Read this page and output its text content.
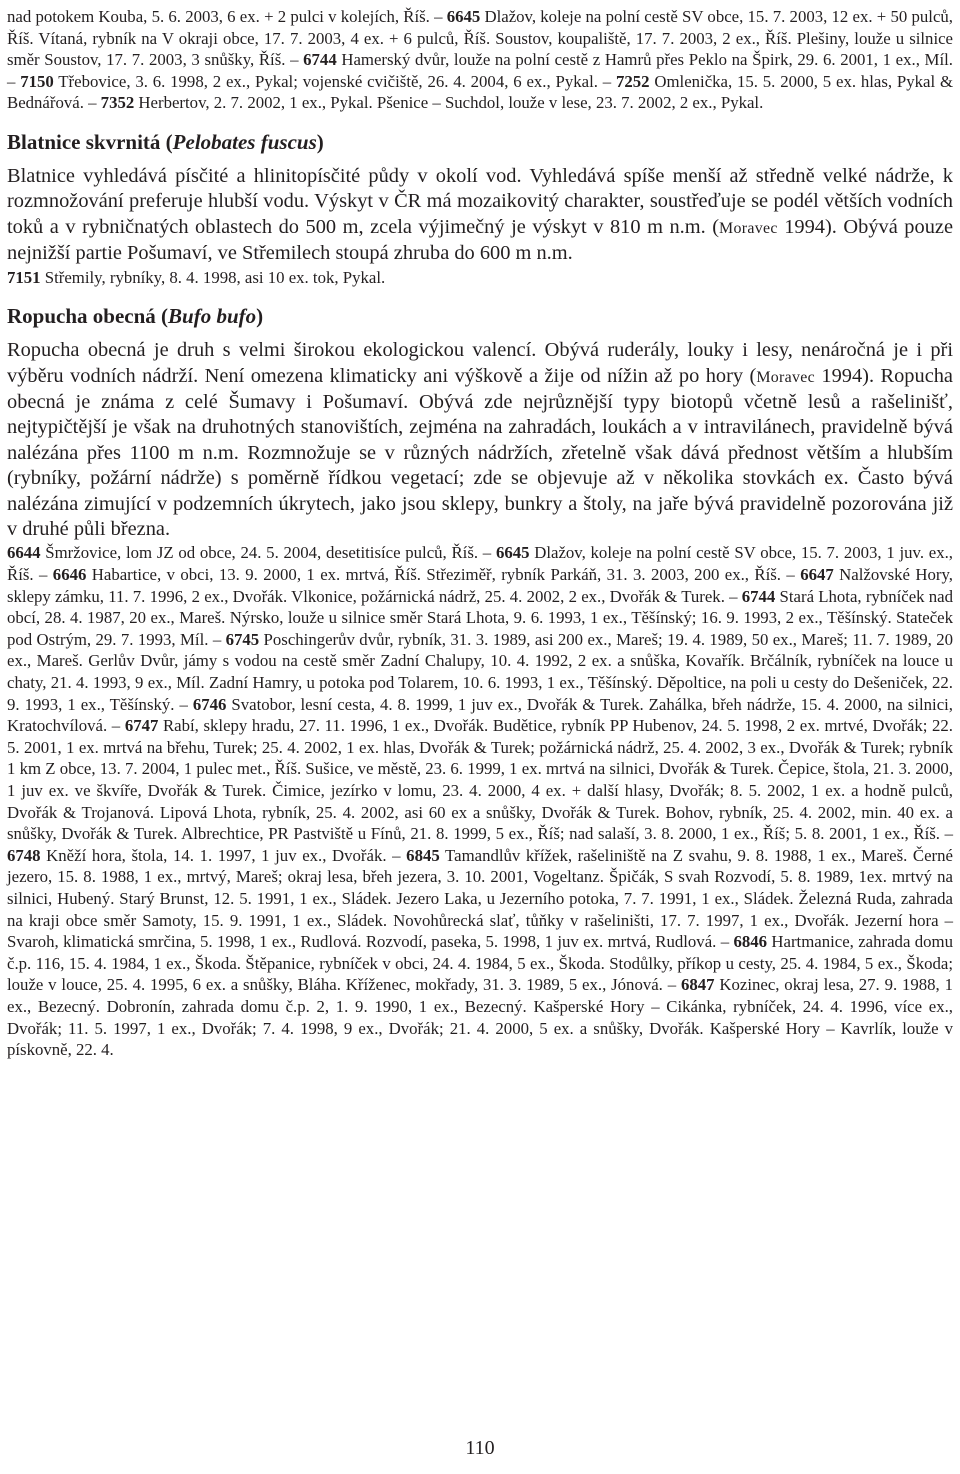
nad potokem Kouba, 5. 6. 2003, 6 ex. + 2 pulci v kolejích, Říš. – 6645 Dlažov, koleje na polní cestě SV obce, 15. 7. 2003, 12 ex. + 50 pulců, Říš. Vítaná, rybník na V okraji obce, 17. 7. 2003, 4 ex. + 6 pulců, Říš. Soustov, koupaliště, 17. 7. 2003, 2 ex., Říš. Plešiny, louže u silnice směr Soustov, 17. 7. 2003, 3 snůšky, Říš. – 6744 Hamerský dvůr, louže na polní cestě z Hamrů přes Peklo na Špirk, 29. 6. 2001, 1 ex., Míl. – 7150 Třebovice, 3. 6. 1998, 2 ex., Pykal; vojenské cvičiště, 26. 4. 2004, 6 ex., Pykal. – 7252 Omlenička, 15. 5. 2000, 5 ex. hlas, Pykal & Bednářová. – 7352 Herbertov, 2. 7. 2002, 1 ex., Pykal. Pšenice – Suchdol, louže v lese, 23. 7. 2002, 2 ex., Pykal.

Blatnice skvrnitá (Pelobates fuscus)

Blatnice vyhledává písčité a hlinitopísčité půdy v okolí vod. Vyhledává spíše menší až středně velké nádrže, k rozmnožování preferuje hlubší vodu. Výskyt v ČR má mozaikovitý charakter, soustřeďuje se podél větších vodních toků a v rybničnatých oblastech do 500 m, zcela výjimečný je výskyt v 810 m n.m. (Moravec 1994). Obývá pouze nejnižší partie Pošumaví, ve Střemilech stoupá zhruba do 600 m n.m.

7151 Střemily, rybníky, 8. 4. 1998, asi 10 ex. tok, Pykal.

Ropucha obecná (Bufo bufo)

Ropucha obecná je druh s velmi širokou ekologickou valencí. Obývá ruderály, louky i lesy, nenáročná je i při výběru vodních nádrží. Není omezena klimaticky ani výškově a žije od nížin až po hory (Moravec 1994). Ropucha obecná je známa z celé Šumavy i Pošumaví. Obývá zde nejrůznější typy biotopů včetně lesů a rašelinišť, nejtypičtější je však na druhotných stanovištích, zejména na zahradách, loukách a v intravilánech, pravidelně bývá nalézána přes 1100 m n.m. Rozmnožuje se v různých nádržích, zřetelně však dává přednost větším a hlubším (rybníky, požární nádrže) s poměrně řídkou vegetací; zde se objevuje až v několika stovkách ex. Často bývá nalézána zimující v podzemních úkrytech, jako jsou sklepy, bunkry a štoly, na jaře bývá pravidelně pozorována již v druhé půli března.

6644 Šmržovice, lom JZ od obce, 24. 5. 2004, desetitisíce pulců, Říš. – 6645 Dlažov, koleje na polní cestě SV obce, 15. 7. 2003, 1 juv. ex., Říš. – 6646 Habartice, v obci, 13. 9. 2000, 1 ex. mrtvá, Říš. Střeziměř, rybník Parkáň, 31. 3. 2003, 200 ex., Říš. – 6647 Nalžovské Hory, sklepy zámku, 11. 7. 1996, 2 ex., Dvořák. Vlkonice, požárnická nádrž, 25. 4. 2002, 2 ex., Dvořák & Turek. – 6744 Stará Lhota, rybníček nad obcí, 28. 4. 1987, 20 ex., Mareš. Nýrsko, louže u silnice směr Stará Lhota, 9. 6. 1993, 1 ex., Těšínský; 16. 9. 1993, 2 ex., Těšínský. Stateček pod Ostrým, 29. 7. 1993, Míl. – 6745 Poschingerův dvůr, rybník, 31. 3. 1989, asi 200 ex., Mareš; 19. 4. 1989, 50 ex., Mareš; 11. 7. 1989, 20 ex., Mareš. Gerlův Dvůr, jámy s vodou na cestě směr Zadní Chalupy, 10. 4. 1992, 2 ex. a snůška, Kovařík. Brčálník, rybníček na louce u chaty, 21. 4. 1993, 9 ex., Míl. Zadní Hamry, u potoka pod Tolarem, 10. 6. 1993, 1 ex., Těšínský. Děpoltice, na poli u cesty do Dešeniček, 22. 9. 1993, 1 ex., Těšínský. – 6746 Svatobor, lesní cesta, 4. 8. 1999, 1 juv ex., Dvořák & Turek. Zahálka, břeh nádrže, 15. 4. 2000, na silnici, Kratochvílová. – 6747 Rabí, sklepy hradu, 27. 11. 1996, 1 ex., Dvořák. Budětice, rybník PP Hubenov, 24. 5. 1998, 2 ex. mrtvé, Dvořák; 22. 5. 2001, 1 ex. mrtvá na břehu, Turek; 25. 4. 2002, 1 ex. hlas, Dvořák & Turek; požárnická nádrž, 25. 4. 2002, 3 ex., Dvořák & Turek; rybník 1 km Z obce, 13. 7. 2004, 1 pulec met., Říš. Sušice, ve městě, 23. 6. 1999, 1 ex. mrtvá na silnici, Dvořák & Turek. Čepice, štola, 21. 3. 2000, 1 juv ex. ve škvíře, Dvořák & Turek. Čimice, jezírko v lomu, 23. 4. 2000, 4 ex. + další hlasy, Dvořák; 8. 5. 2002, 1 ex. a hodně pulců, Dvořák & Trojanová. Lipová Lhota, rybník, 25. 4. 2002, asi 60 ex a snůšky, Dvořák & Turek. Bohov, rybník, 25. 4. 2002, min. 40 ex. a snůšky, Dvořák & Turek. Albrechtice, PR Pastviště u Fínů, 21. 8. 1999, 5 ex., Říš; nad salaší, 3. 8. 2000, 1 ex., Říš; 5. 8. 2001, 1 ex., Říš. – 6748 Kněží hora, štola, 14. 1. 1997, 1 juv ex., Dvořák. – 6845 Tamandlův křížek, rašeliniště na Z svahu, 9. 8. 1988, 1 ex., Mareš. Černé jezero, 15. 8. 1988, 1 ex., mrtvý, Mareš; okraj lesa, břeh jezera, 3. 10. 2001, Vogeltanz. Špičák, S svah Rozvodí, 5. 8. 1989, 1ex. mrtvý na silnici, Hubený. Starý Brunst, 12. 5. 1991, 1 ex., Sládek. Jezero Laka, u Jezerního potoka, 7. 7. 1991, 1 ex., Sládek. Železná Ruda, zahrada na kraji obce směr Samoty, 15. 9. 1991, 1 ex., Sládek. Novohůrecká slať, tůňky v rašeliništi, 17. 7. 1997, 1 ex., Dvořák. Jezerní hora – Svaroh, klimatická smrčina, 5. 1998, 1 ex., Rudlová. Rozvodí, paseka, 5. 1998, 1 juv ex. mrtvá, Rudlová. – 6846 Hartmanice, zahrada domu č.p. 116, 15. 4. 1984, 1 ex., Škoda. Štěpanice, rybníček v obci, 24. 4. 1984, 5 ex., Škoda. Stodůlky, příkop u cesty, 25. 4. 1984, 5 ex., Škoda; louže v louce, 25. 4. 1995, 6 ex. a snůšky, Bláha. Kříženec, mokřady, 31. 3. 1989, 5 ex., Jónová. – 6847 Kozinec, okraj lesa, 27. 9. 1988, 1 ex., Bezecný. Dobronín, zahrada domu č.p. 2, 1. 9. 1990, 1 ex., Bezecný. Kašperské Hory – Cikánka, rybníček, 24. 4. 1996, více ex., Dvořák; 11. 5. 1997, 1 ex., Dvořák; 7. 4. 1998, 9 ex., Dvořák; 21. 4. 2000, 5 ex. a snůšky, Dvořák. Kašperské Hory – Kavrlík, louže v pískovně, 22. 4.

110
